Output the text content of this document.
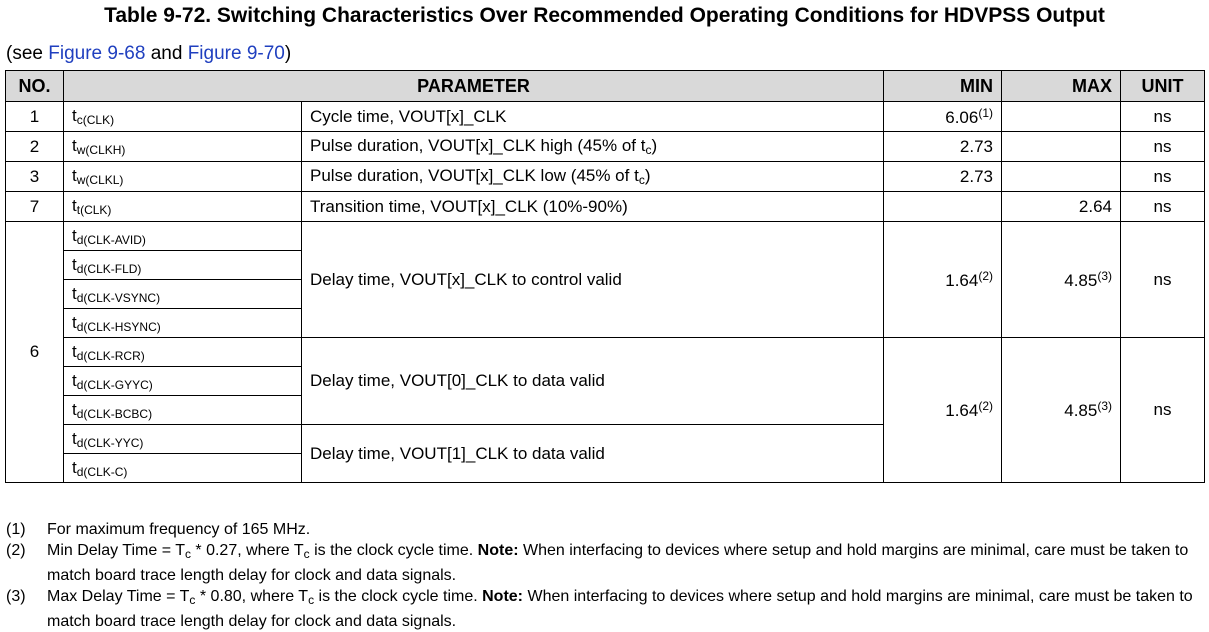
Table 9-72. Switching Characteristics Over Recommended Operating Conditions for HDVPSS Output
(see Figure 9-68 and Figure 9-70)
NO.	PARAMETER		MIN	MAX	UNIT
1	$t_{c(CLK)}$	Cycle time, VOUT[x]_CLK	6.06$^{(1)}$		ns
2	$t_{w(CLKH)}$	Pulse duration, VOUT[x]_CLK high (45% of tc)	2.73		ns
3	$t_{w(CLKL)}$	Pulse duration, VOUT[x]_CLK low (45% of tc)	2.73		ns
7	$t_{t(CLK)}$	Transition time, VOUT[x]_CLK (10%-90%)		2.64	ns
6	$t_{d(CLK-AVID)}$	Delay time, VOUT[x]_CLK to control valid	1.64$^{(2)}$	4.85$^{(3)}$	ns
	$t_{d(CLK-FLD)}$
	$t_{d(CLK-VSYNC)}$
	$t_{d(CLK-HSYNC)}$
	$t_{d(CLK-RCR)}$	Delay time, VOUT[0]_CLK to data valid	1.64$^{(2)}$	4.85$^{(3)}$	ns
	$t_{d(CLK-GYYC)}$
	$t_{d(CLK-BCBC)}$
	$t_{d(CLK-YYC)}$	Delay time, VOUT[1]_CLK to data valid			
	$t_{d(CLK-C)}$
(1)	For maximum frequency of 165 MHz.
(2)	Min Delay Time = Tc * 0.27, where Tc is the clock cycle time. Note: When interfacing to devices where setup and hold margins are minimal, care must be taken to match board trace length delay for clock and data signals.
(3)	Max Delay Time = Tc * 0.80, where Tc is the clock cycle time. Note: When interfacing to devices where setup and hold margins are minimal, care must be taken to match board trace length delay for clock and data signals.
